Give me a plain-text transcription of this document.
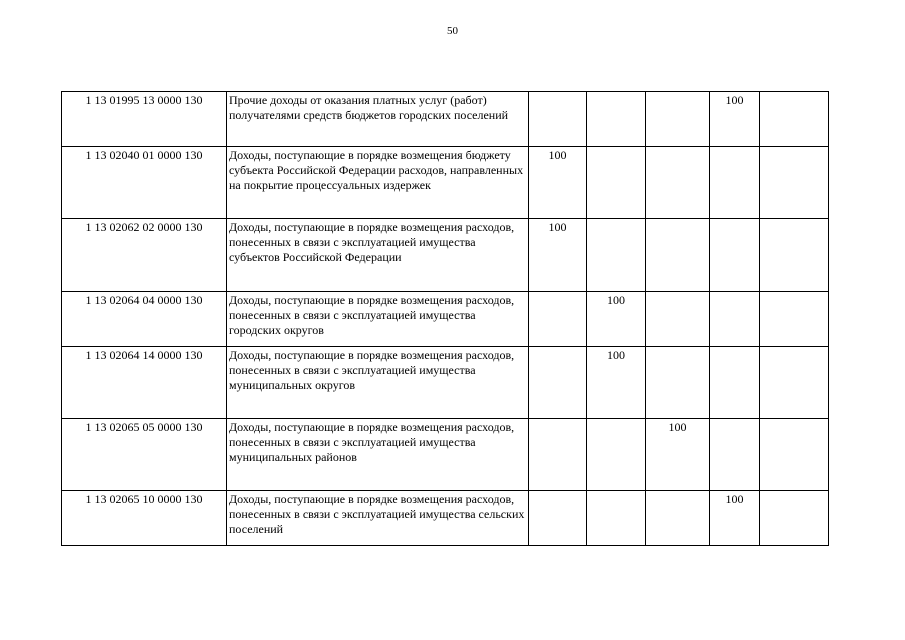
50
1 13 01995 13 0000 130	Прочие доходы от оказания платных услуг (работ) получателями средств бюджетов городских поселений				100	
1 13 02040 01 0000 130	Доходы, поступающие в порядке возмещения бюджету субъекта Российской Федерации расходов, направленных на покрытие процессуальных издержек	100				
1 13 02062 02 0000 130	Доходы, поступающие в порядке возмещения расходов, понесенных в связи с эксплуатацией имущества субъектов Российской Федерации	100				
1 13 02064 04 0000 130	Доходы, поступающие в порядке возмещения расходов, понесенных в связи с эксплуатацией имущества городских округов		100			
1 13 02064 14 0000 130	Доходы, поступающие в порядке возмещения расходов, понесенных в связи с эксплуатацией имущества муниципальных округов		100			
1 13 02065 05 0000 130	Доходы, поступающие в порядке возмещения расходов, понесенных в связи с эксплуатацией имущества муниципальных районов			100		
1 13 02065 10 0000 130	Доходы, поступающие в порядке возмещения расходов, понесенных в связи с эксплуатацией имущества сельских поселений				100	
